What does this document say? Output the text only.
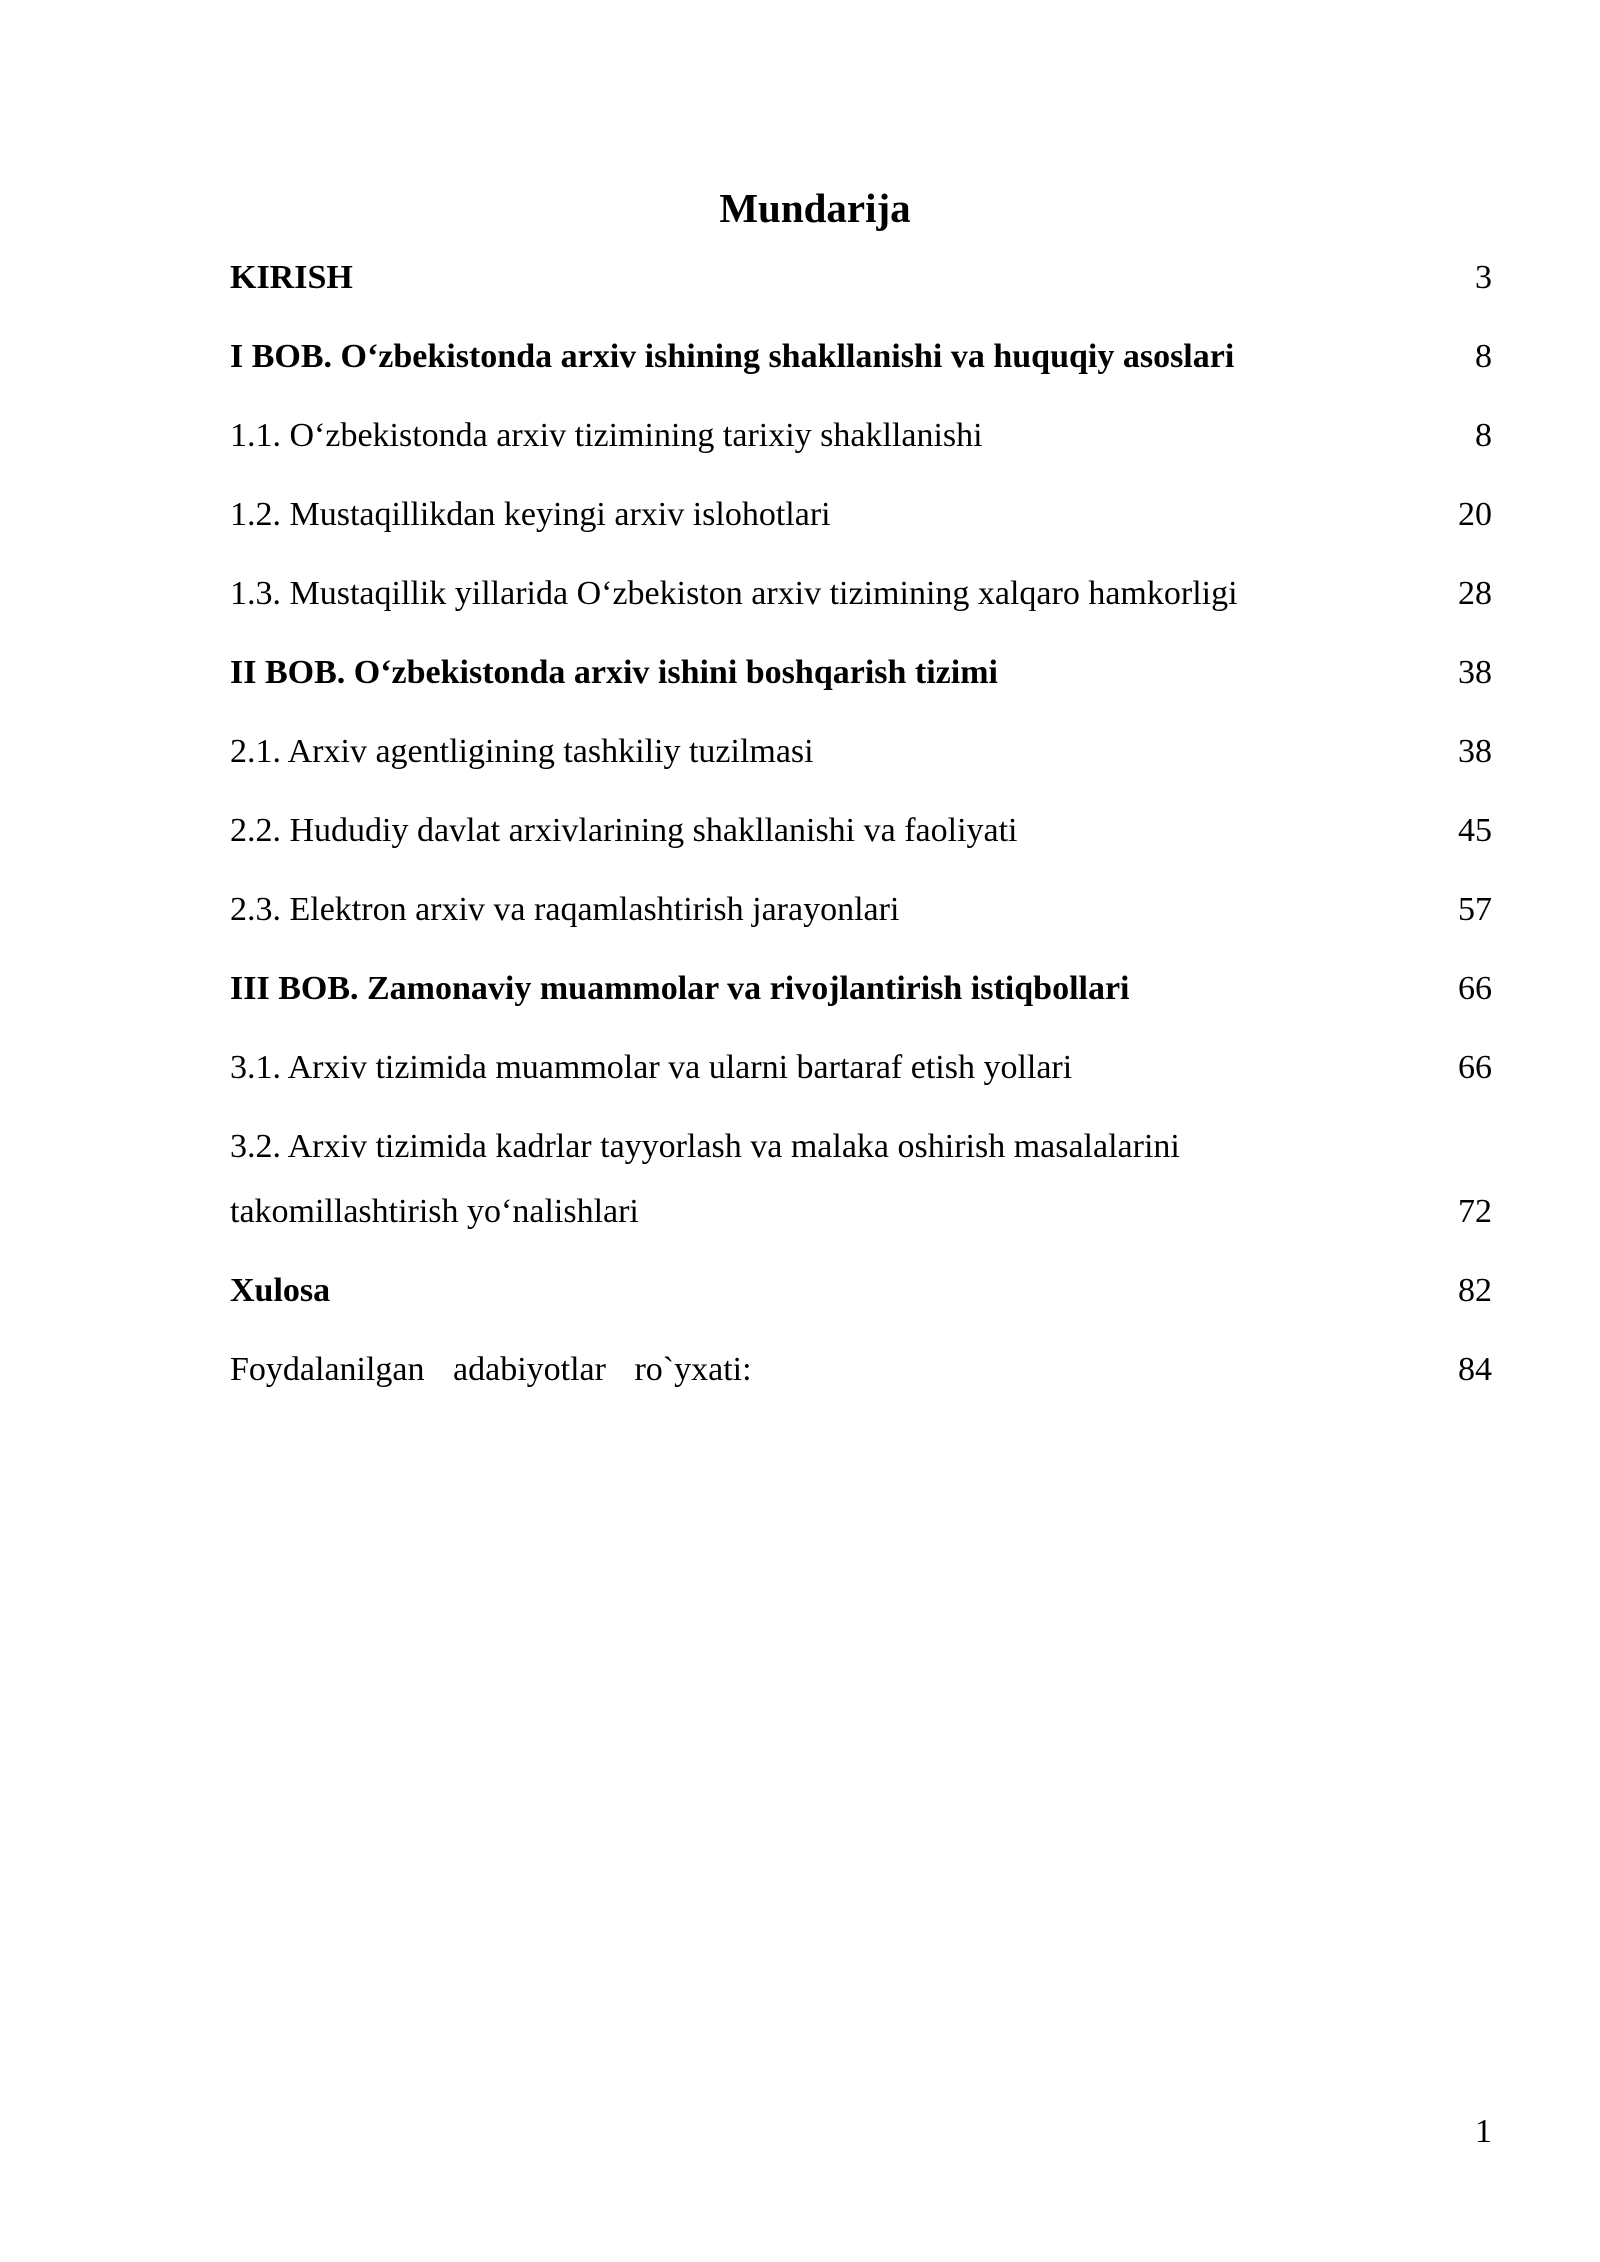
Mundarija
KIRISH	3
I BOB. O‘zbekistonda arxiv ishining shakllanishi va huquqiy asoslari	8
1.1. O‘zbekistonda arxiv tizimining tarixiy shakllanishi	8
1.2. Mustaqillikdan keyingi arxiv islohotlari	20
1.3. Mustaqillik yillarida O‘zbekiston arxiv tizimining xalqaro hamkorligi	28
II BOB. O‘zbekistonda arxiv ishini boshqarish tizimi	38
2.1. Arxiv agentligining tashkiliy tuzilmasi	38
2.2. Hududiy davlat arxivlarining shakllanishi va faoliyati	45
2.3. Elektron arxiv va raqamlashtirish jarayonlari	57
III BOB. Zamonaviy muammolar va rivojlantirish istiqbollari	66
3.1. Arxiv tizimida muammolar va ularni bartaraf etish yollari	66
3.2. Arxiv tizimida kadrlar tayyorlash va malaka oshirish masalalarini
takomillashtirish yo‘nalishlari	72
Xulosa	82
Foydalanilgan adabiyotlar ro`yxati:	84
1
